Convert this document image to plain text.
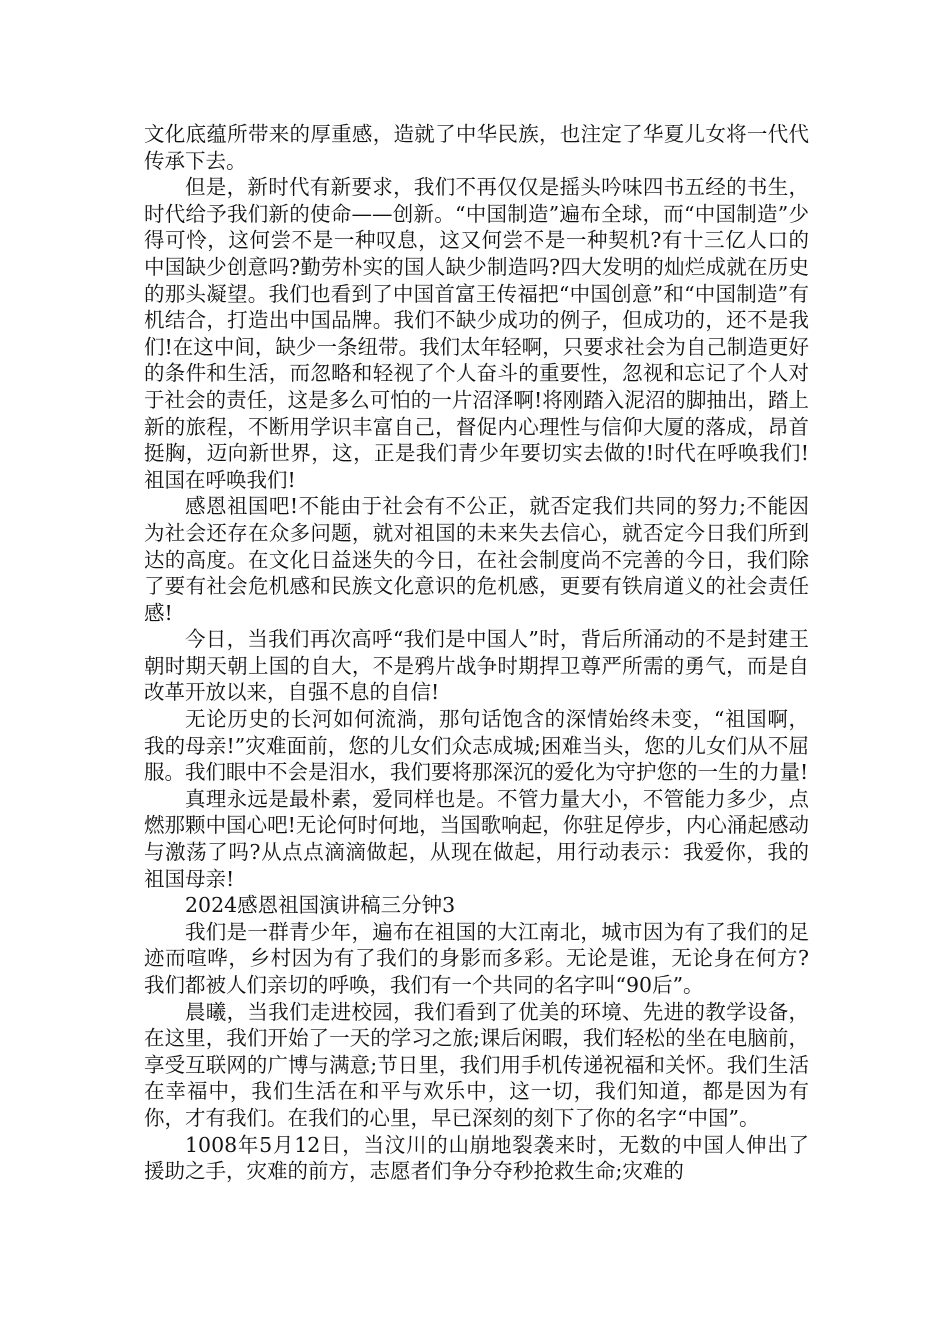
文化底蕴所带来的厚重感，造就了中华民族，也注定了华夏儿女将一代代传承下去。

但是，新时代有新要求，我们不再仅仅是摇头吟味四书五经的书生，时代给予我们新的使命——创新。“中国制造”遍布全球，而“中国制造”少得可怜，这何尝不是一种叹息，这又何尝不是一种契机?有十三亿人口的中国缺少创意吗?勤劳朴实的国人缺少制造吗?四大发明的灿烂成就在历史的那头凝望。我们也看到了中国首富王传福把“中国创意”和“中国制造”有机结合，打造出中国品牌。我们不缺少成功的例子，但成功的，还不是我们!在这中间，缺少一条纽带。我们太年轻啊，只要求社会为自己制造更好的条件和生活，而忽略和轻视了个人奋斗的重要性，忽视和忘记了个人对于社会的责任，这是多么可怕的一片沼泽啊!将刚踏入泥沼的脚抽出，踏上新的旅程，不断用学识丰富自己，督促内心理性与信仰大厦的落成，昂首挺胸，迈向新世界，这，正是我们青少年要切实去做的!时代在呼唤我们!祖国在呼唤我们!

感恩祖国吧!不能由于社会有不公正，就否定我们共同的努力;不能因为社会还存在众多问题，就对祖国的未来失去信心，就否定今日我们所到达的高度。在文化日益迷失的今日，在社会制度尚不完善的今日，我们除了要有社会危机感和民族文化意识的危机感，更要有铁肩道义的社会责任感!

今日，当我们再次高呼“我们是中国人”时，背后所涌动的不是封建王朝时期天朝上国的自大，不是鸦片战争时期捍卫尊严所需的勇气，而是自改革开放以来，自强不息的自信!

无论历史的长河如何流淌，那句话饱含的深情始终未变，“祖国啊，我的母亲!”灾难面前，您的儿女们众志成城;困难当头，您的儿女们从不屈服。我们眼中不会是泪水，我们要将那深沉的爱化为守护您的一生的力量!

真理永远是最朴素，爱同样也是。不管力量大小，不管能力多少，点燃那颗中国心吧!无论何时何地，当国歌响起，你驻足停步，内心涌起感动与激荡了吗?从点点滴滴做起，从现在做起，用行动表示：我爱你，我的祖国母亲!

2024感恩祖国演讲稿三分钟3

我们是一群青少年，遍布在祖国的大江南北，城市因为有了我们的足迹而喧哗，乡村因为有了我们的身影而多彩。无论是谁，无论身在何方?我们都被人们亲切的呼唤，我们有一个共同的名字叫“90后”。

晨曦，当我们走进校园，我们看到了优美的环境、先进的教学设备，在这里，我们开始了一天的学习之旅;课后闲暇，我们轻松的坐在电脑前，享受互联网的广博与满意;节日里，我们用手机传递祝福和关怀。我们生活在幸福中，我们生活在和平与欢乐中，这一切，我们知道，都是因为有你，才有我们。在我们的心里，早已深刻的刻下了你的名字“中国”。

1008年5月12日，当汶川的山崩地裂袭来时，无数的中国人伸出了援助之手，灾难的前方，志愿者们争分夺秒抢救生命;灾难的
